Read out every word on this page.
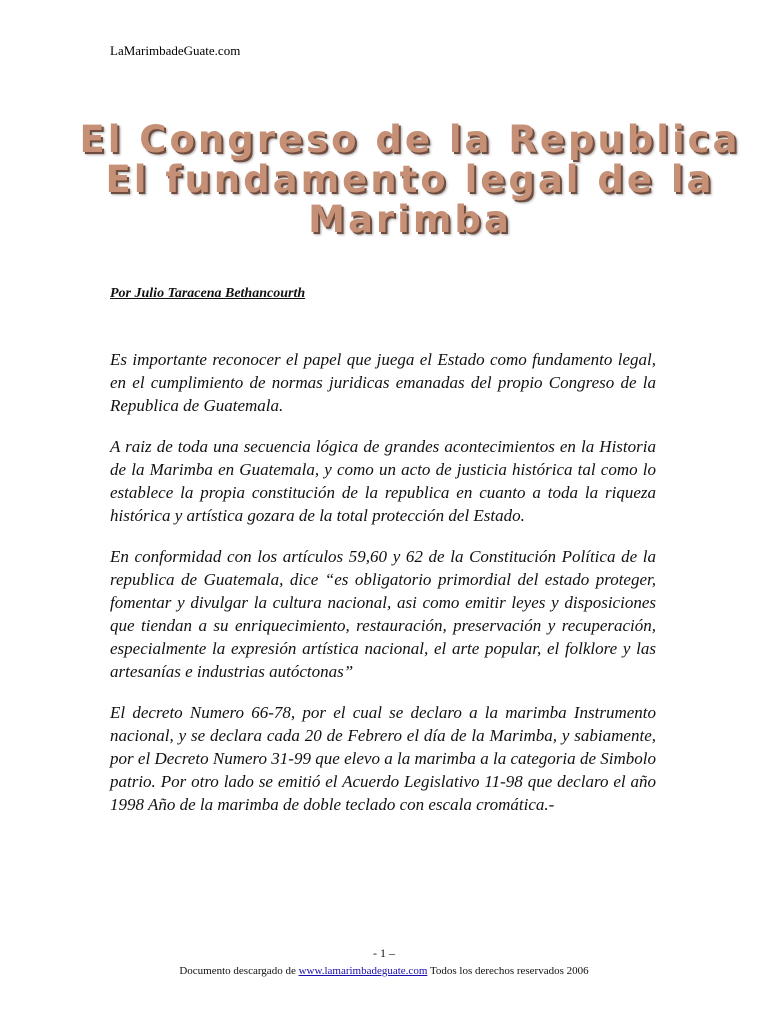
LaMarimbadeGuate.com
El Congreso de la Republica
El fundamento legal de la
Marimba
Por Julio Taracena Bethancourth

Es importante reconocer el papel que juega el Estado como fundamento legal, en el cumplimiento de normas juridicas emanadas del propio Congreso de la Republica de Guatemala.

A raiz de toda una secuencia lógica de grandes acontecimientos en la Historia de la Marimba en Guatemala, y como un acto de justicia histórica tal como lo establece la propia constitución de la republica en cuanto a toda la riqueza histórica y artística gozara de la total protección del Estado.

En conformidad con los artículos 59,60 y 62 de la Constitución Política de la republica de Guatemala, dice “es obligatorio primordial del estado proteger, fomentar y divulgar la cultura nacional, asi como emitir leyes y disposiciones que tiendan a su enriquecimiento, restauración, preservación y recuperación, especialmente la expresión artística nacional, el arte popular, el folklore y las artesanías e industrias autóctonas”

El decreto Numero 66-78, por el cual se declaro a la marimba Instrumento nacional, y se declara cada 20 de Febrero el día de la Marimba, y sabiamente, por el Decreto Numero 31-99 que elevo a la marimba a la categoria de Simbolo patrio. Por otro lado se emitió el Acuerdo Legislativo 11-98 que declaro el año 1998 Año de la marimba de doble teclado con escala cromática.-

- 1 –
Documento descargado de www.lamarimbadeguate.com Todos los derechos reservados 2006
